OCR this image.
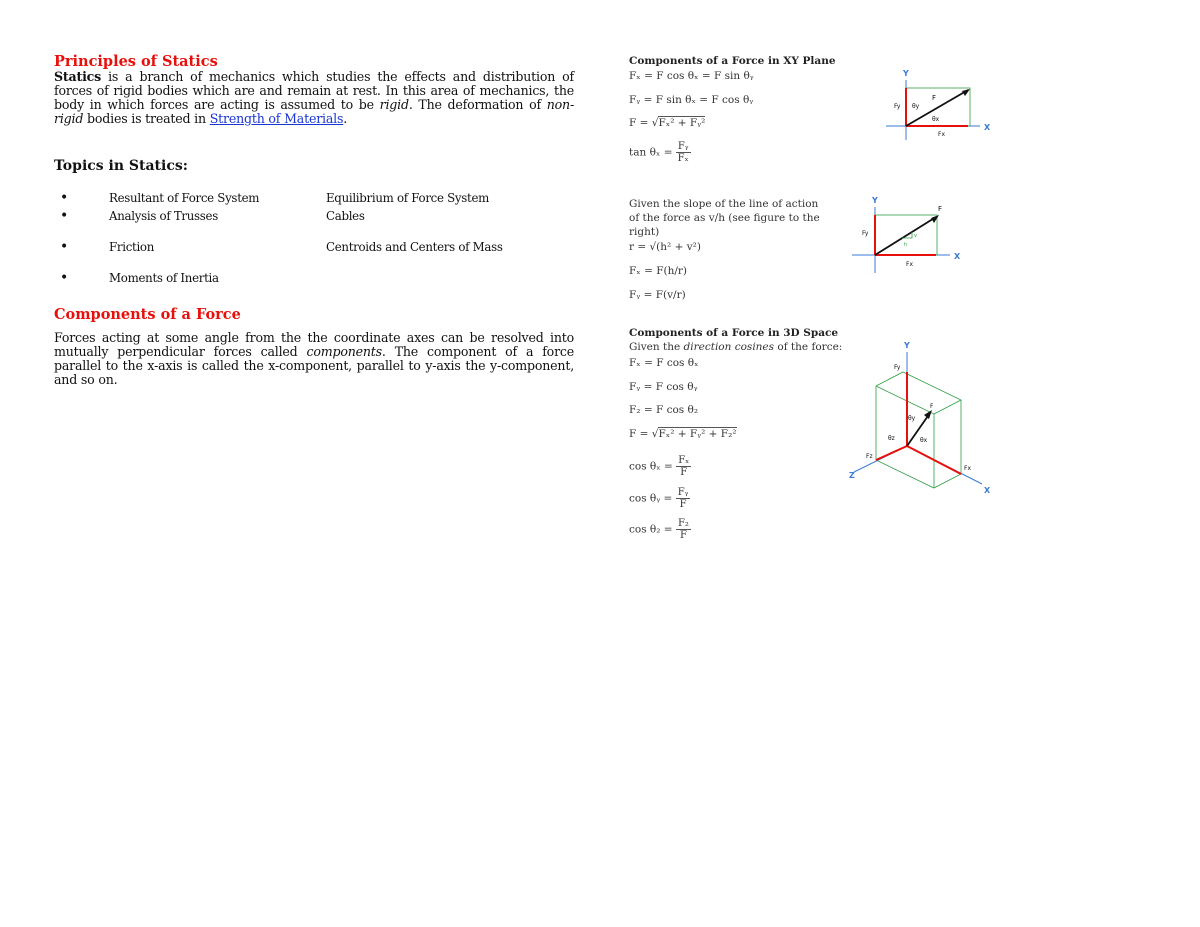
Principles of Statics

Statics is a branch of mechanics which studies the effects and distribution of forces of rigid bodies which are and remain at rest. In this area of mechanics, the body in which forces are acting is assumed to be rigid. The deformation of non-rigid bodies is treated in Strength of Materials.

Topics in Statics:

•	Resultant of Force System	Equilibrium of Force System
•	Analysis of Trusses	Cables
•	Friction	Centroids and Centers of Mass
•	Moments of Inertia

Components of a Force

Forces acting at some angle from the the coordinate axes can be resolved into mutually perpendicular forces called components. The component of a force parallel to the x-axis is called the x-component, parallel to y-axis the y-component, and so on.

Components of a Force in XY Plane
Fₓ = F cos θₓ = F sin θᵧ
Fᵧ = F sin θₓ = F cos θᵧ
F = √Fₓ² + Fᵧ²
$\tan \theta_x = \frac{\text{Fᵧ}}{\text{Fₓ}}$
Given the slope of the line of action
of the force as v/h (see figure to the
right)
r = √(h² + v²)
Fₓ = F(h/r)
Fᵧ = F(v/r)
Components of a Force in 3D Space
Given the direction cosines of the force:
Fₓ = F cos θₓ
Fᵧ = F cos θᵧ
F₂ = F cos θ₂
F = √Fₓ² + Fᵧ² + F₂²
$\cos \theta_x = \frac{\text{Fₓ}}{F}$
cos θᵧ = $\frac{\text{Fᵧ}}{F}$
$\cos \theta_2 = \frac{\text{F₂}}{F}$
Y
X
F
Fy
Fx
θy
θx
Y
X
h
v
F
Fy
Fx
Y
X
Z
F
Fy
Fx
Fz
θy
θx
θz
